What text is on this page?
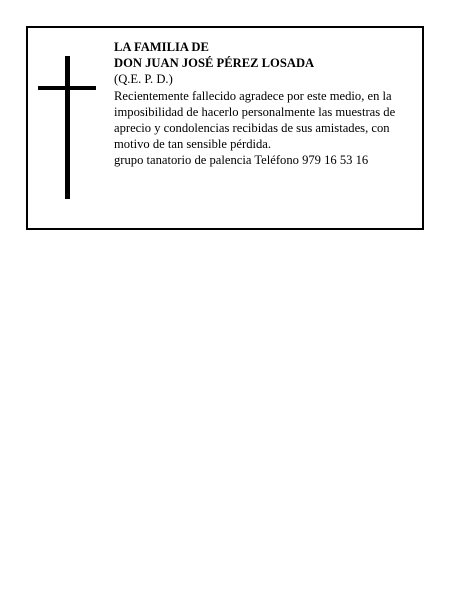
LA FAMILIA DE
DON JUAN JOSÉ PÉREZ LOSADA
(Q.E. P. D.)
Recientemente fallecido agradece por este medio, en la imposibilidad de hacerlo personalmente las muestras de aprecio y condolencias recibidas de sus amistades, con motivo de tan sensible pérdida.
grupo tanatorio de palencia Teléfono 979 16 53 16
